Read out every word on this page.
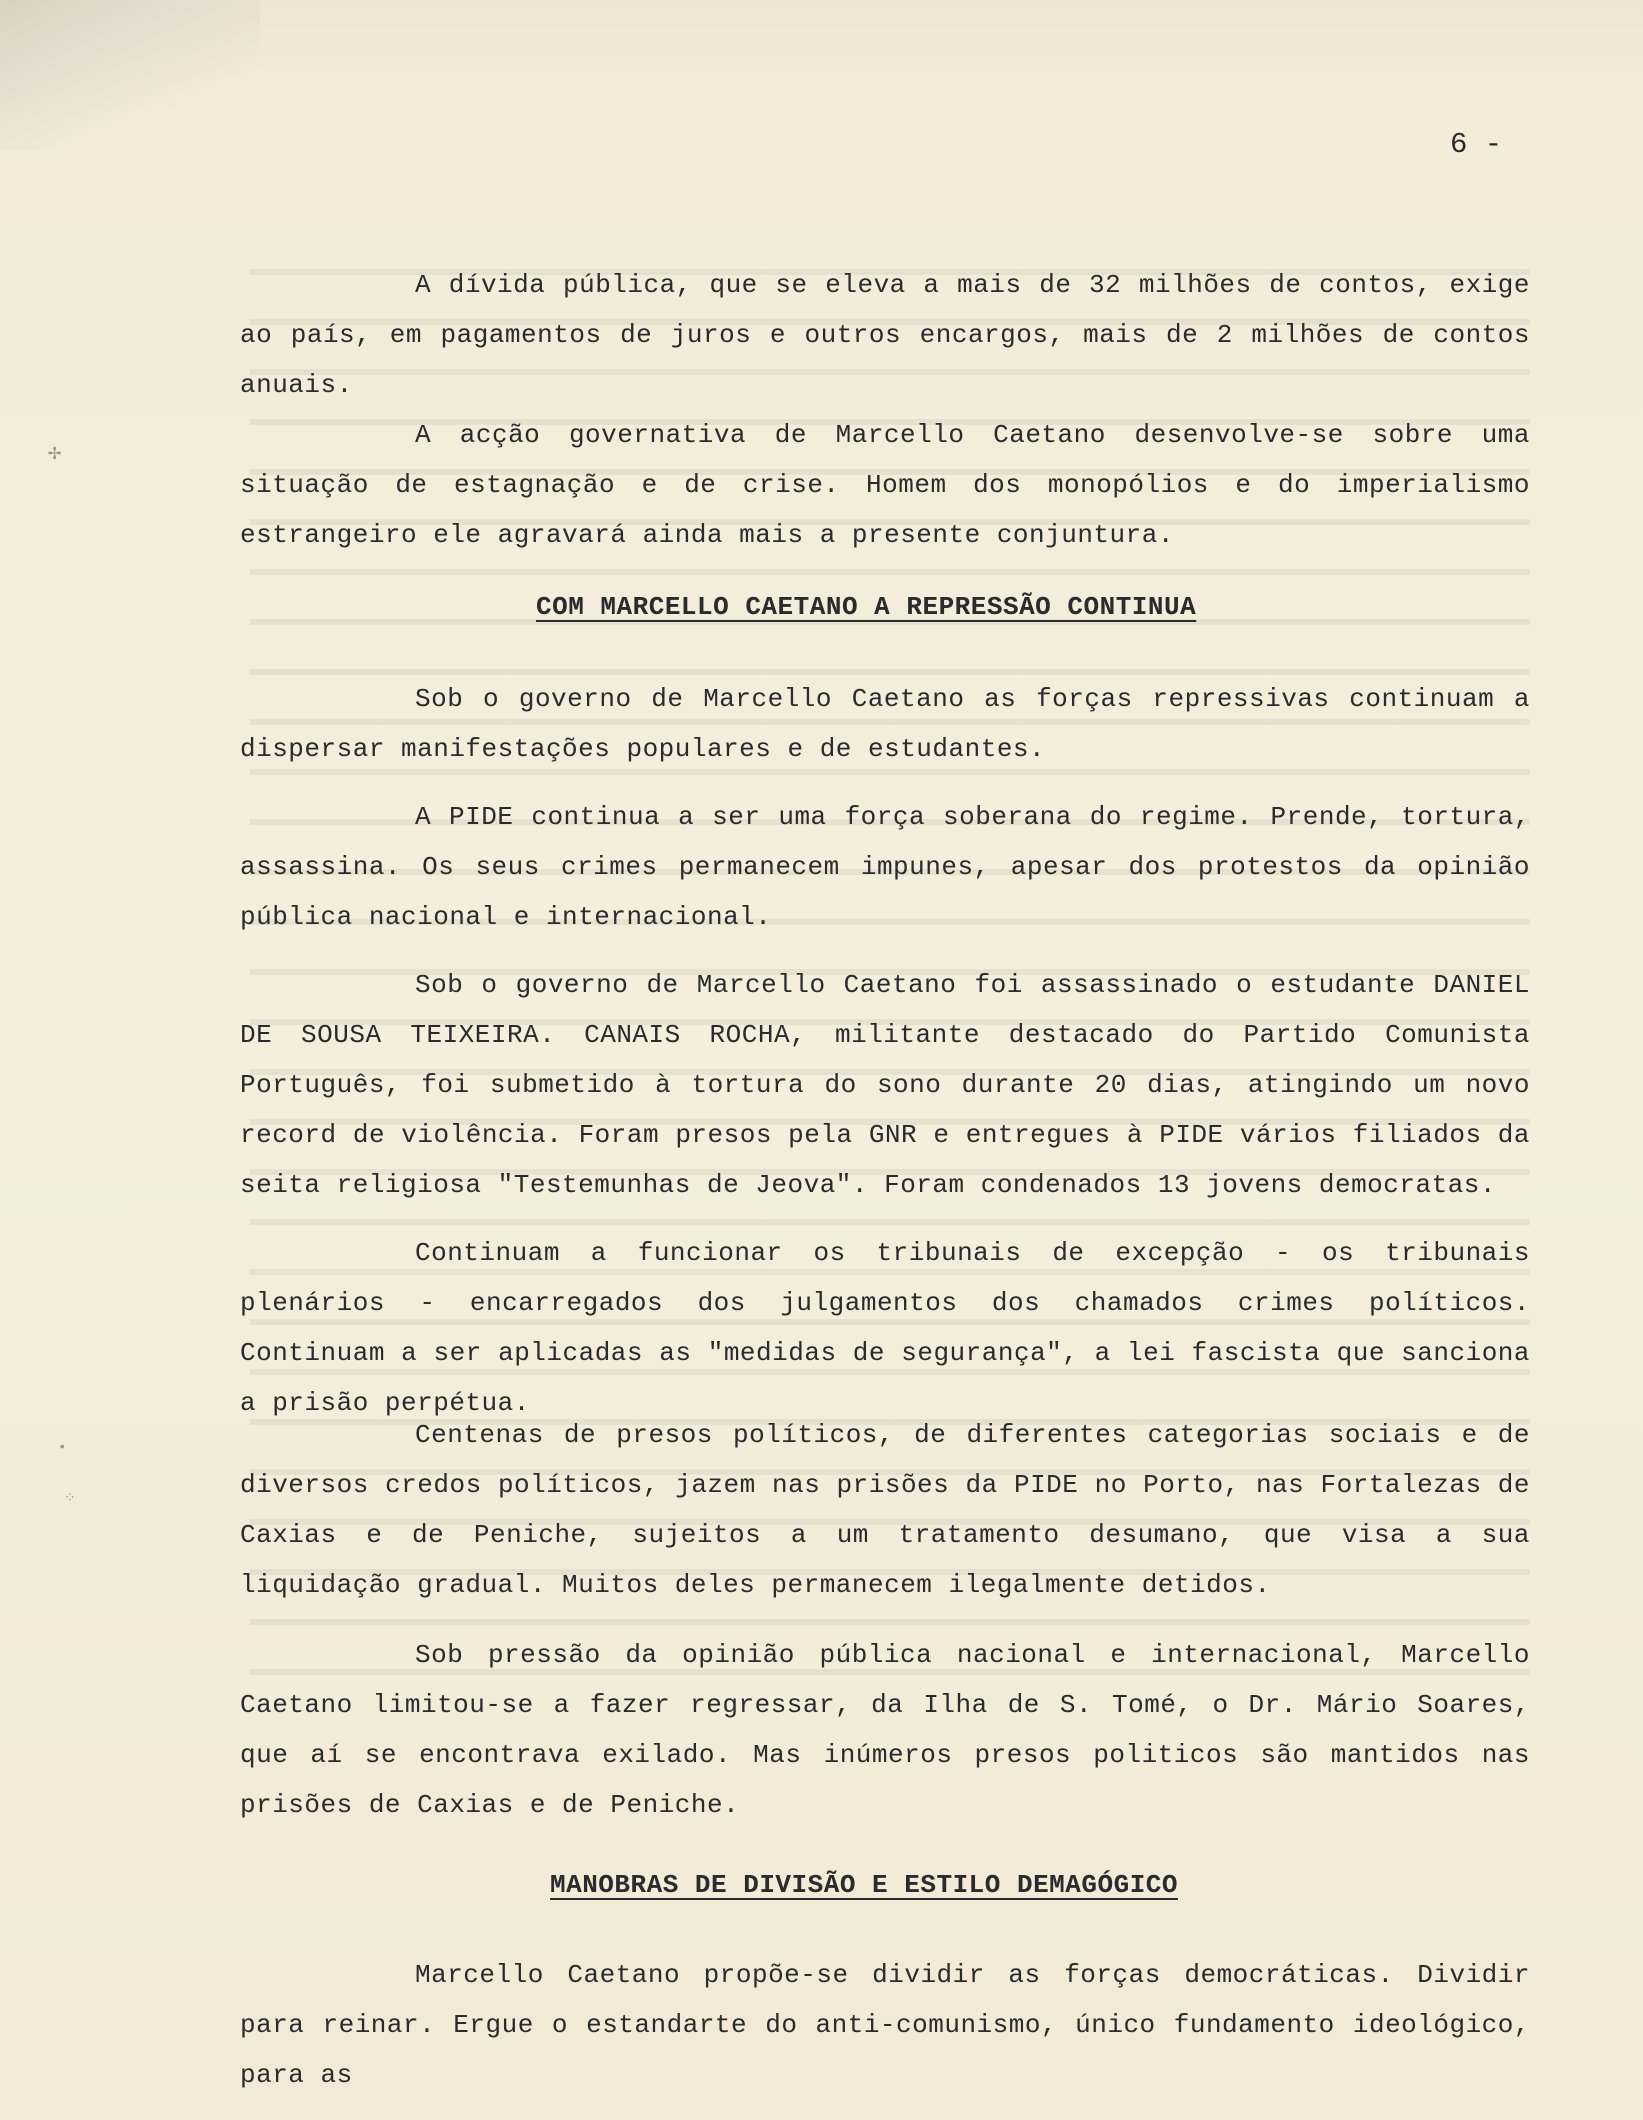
✢
•
⁘
6 -

A dívida pública, que se eleva a mais de 32 milhões de contos, exige ao país, em pagamentos de juros e outros encargos, mais de 2 milhões de contos anuais.

A acção governativa de Marcello Caetano desenvolve-se sobre uma situação de estagnação e de crise. Homem dos monopólios e do imperialismo estrangeiro ele agravará ainda mais a presente conjuntura.

COM MARCELLO CAETANO A REPRESSÃO CONTINUA

Sob o governo de Marcello Caetano as forças repressivas continuam a dispersar manifestações populares e de estudantes.

A PIDE continua a ser uma força soberana do regime. Prende, tortura, assassina. Os seus crimes permanecem impunes, apesar dos protestos da opinião pública nacional e internacional.

Sob o governo de Marcello Caetano foi assassinado o estudante DANIEL DE SOUSA TEIXEIRA. CANAIS ROCHA, militante destacado do Partido Comunista Português, foi submetido à tortura do sono durante 20 dias, atingindo um novo record de violência. Foram presos pela GNR e entregues à PIDE vários filiados da seita religiosa "Testemunhas de Jeova". Foram condenados 13 jovens democratas.

Continuam a funcionar os tribunais de excepção - os tribunais plenários - encarregados dos julgamentos dos chamados crimes políticos. Continuam a ser aplicadas as "medidas de segurança", a lei fascista que sanciona a prisão perpétua.

Centenas de presos políticos, de diferentes categorias sociais e de diversos credos políticos, jazem nas prisões da PIDE no Porto, nas Fortalezas de Caxias e de Peniche, sujeitos a um tratamento desumano, que visa a sua liquidação gradual. Muitos deles permanecem ilegalmente detidos.

Sob pressão da opinião pública nacional e internacional, Marcello Caetano limitou-se a fazer regressar, da Ilha de S. Tomé, o Dr. Mário Soares, que aí se encontrava exilado. Mas inúmeros presos politicos são mantidos nas prisões de Caxias e de Peniche.

MANOBRAS DE DIVISÃO E ESTILO DEMAGÓGICO

Marcello Caetano propõe-se dividir as forças democráticas. Dividir para reinar. Ergue o estandarte do anti-comunismo, único fundamento ideológico, para as
